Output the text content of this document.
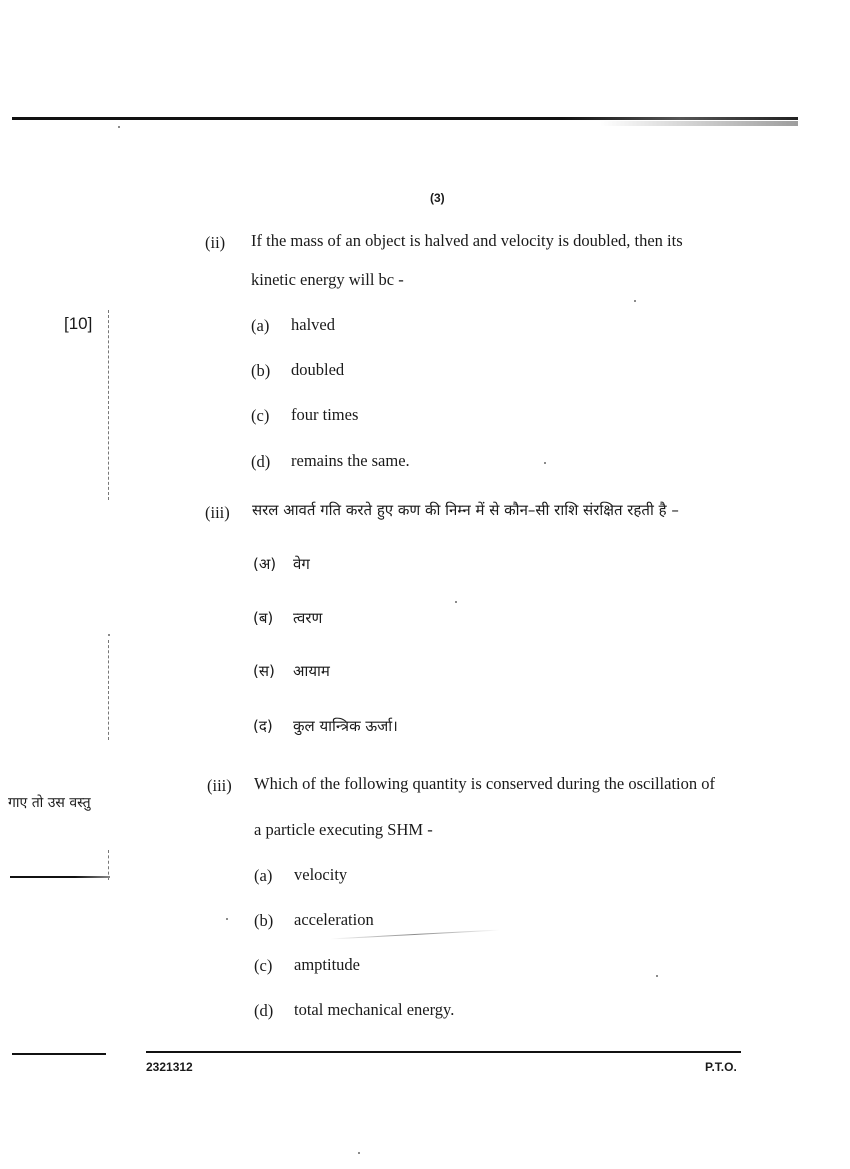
(3)
[10]
गाए तो उस वस्तु
(ii) If the mass of an object is halved and velocity is doubled, then its
kinetic energy will bc -
(a) halved
(b) doubled
(c) four times
(d) remains the same.
(iii) सरल आवर्त गति करते हुए कण की निम्न में से कौन–सी राशि संरक्षित रहती है –
(अ) वेग
(ब) त्वरण
(स) आयाम
(द) कुल यान्त्रिक ऊर्जा।
(iii) Which of the following quantity is conserved during the oscillation of
a particle executing SHM -
(a) velocity
(b) acceleration
(c) amptitude
(d) total mechanical energy.
2321312	P.T.O.
